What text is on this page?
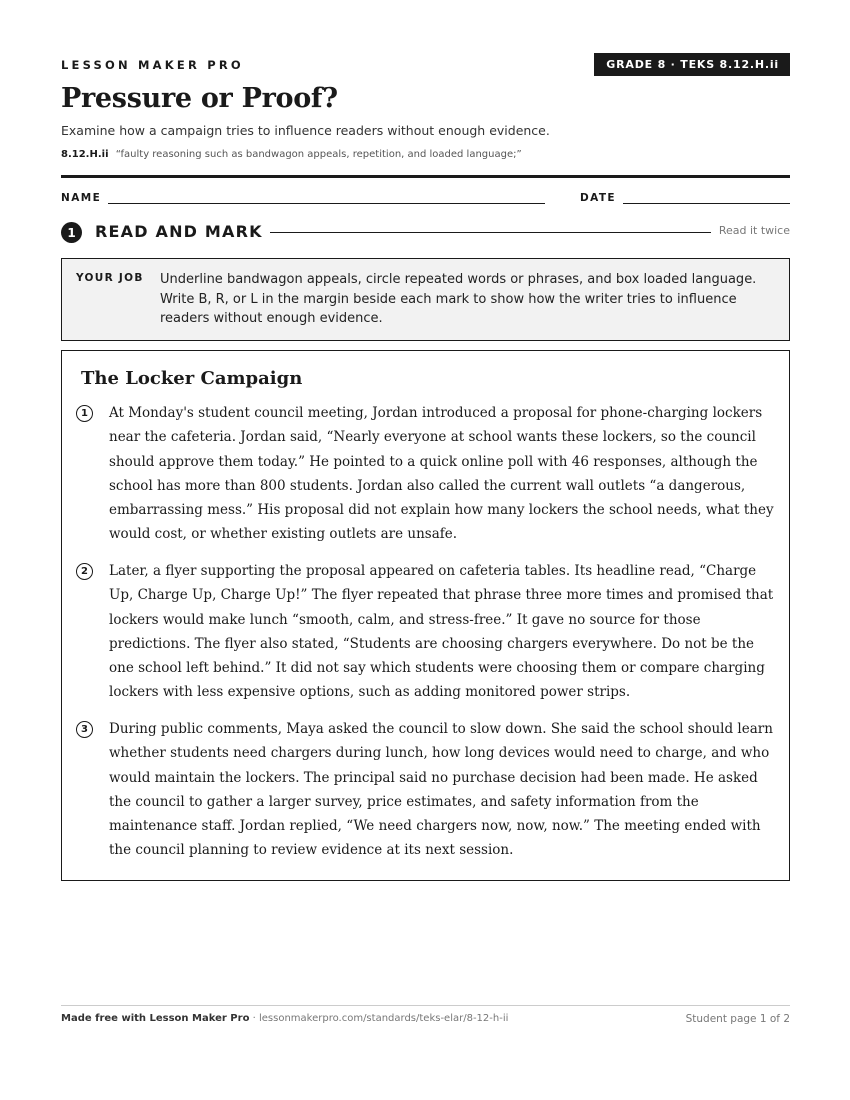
LESSON MAKER PRO	GRADE 8 · TEKS 8.12.H.ii
Pressure or Proof?
Examine how a campaign tries to influence readers without enough evidence.
8.12.H.ii “faulty reasoning such as bandwagon appeals, repetition, and loaded language;”
NAME	DATE
1	READ AND MARK	Read it twice
YOUR JOB Underline bandwagon appeals, circle repeated words or phrases, and box loaded language. Write B, R, or L in the margin beside each mark to show how the writer tries to influence readers without enough evidence.
The Locker Campaign
1	At Monday's student council meeting, Jordan introduced a proposal for phone-charging lockers near the cafeteria. Jordan said, “Nearly everyone at school wants these lockers, so the council should approve them today.” He pointed to a quick online poll with 46 responses, although the school has more than 800 students. Jordan also called the current wall outlets “a dangerous, embarrassing mess.” His proposal did not explain how many lockers the school needs, what they would cost, or whether existing outlets are unsafe.
2	Later, a flyer supporting the proposal appeared on cafeteria tables. Its headline read, “Charge Up, Charge Up, Charge Up!” The flyer repeated that phrase three more times and promised that lockers would make lunch “smooth, calm, and stress-free.” It gave no source for those predictions. The flyer also stated, “Students are choosing chargers everywhere. Do not be the one school left behind.” It did not say which students were choosing them or compare charging lockers with less expensive options, such as adding monitored power strips.
3	During public comments, Maya asked the council to slow down. She said the school should learn whether students need chargers during lunch, how long devices would need to charge, and who would maintain the lockers. The principal said no purchase decision had been made. He asked the council to gather a larger survey, price estimates, and safety information from the maintenance staff. Jordan replied, “We need chargers now, now, now.” The meeting ended with the council planning to review evidence at its next session.
Made free with Lesson Maker Pro · lessonmakerpro.com/standards/teks-elar/8-12-h-ii	Student page 1 of 2
